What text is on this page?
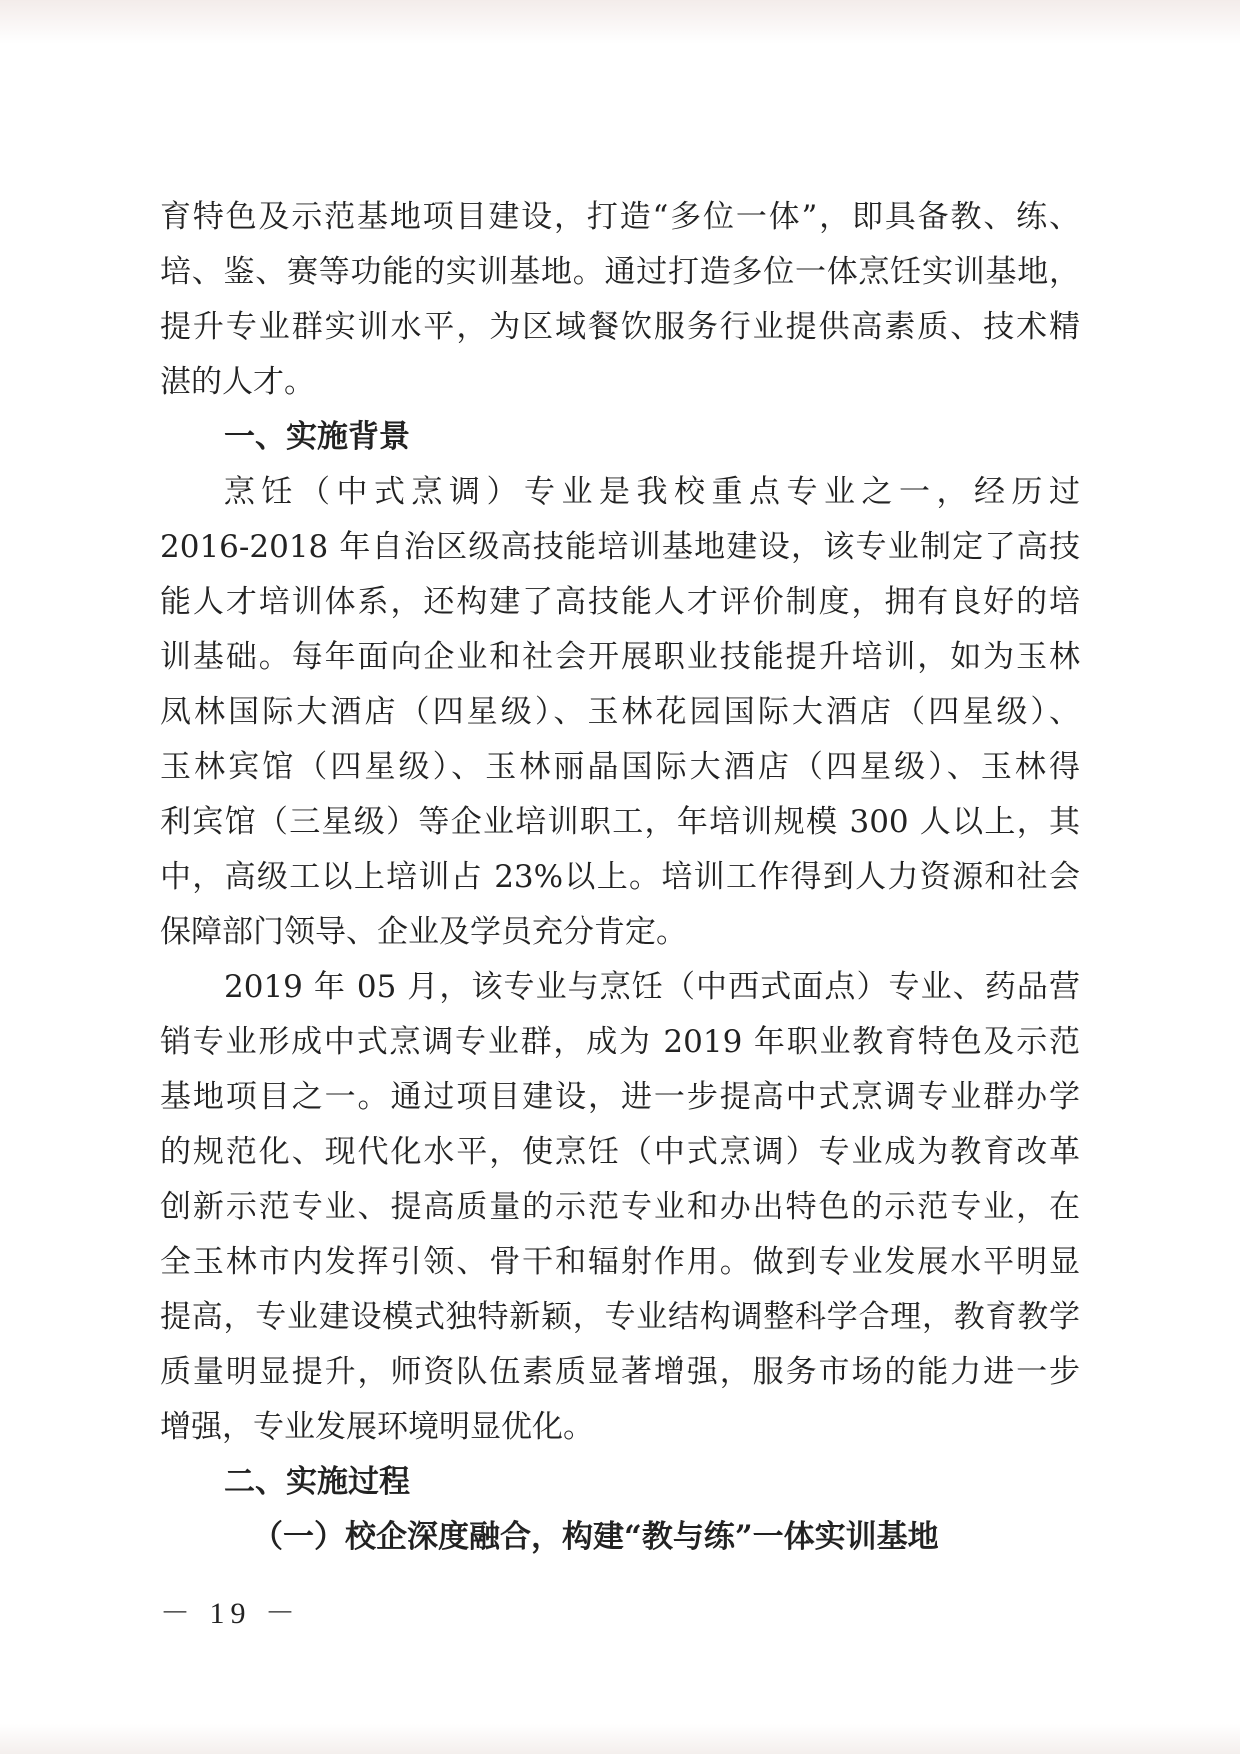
育特色及示范基地项目建设，打造“多位一体”，即具备教、练、
培、鉴、赛等功能的实训基地。通过打造多位一体烹饪实训基地，
提升专业群实训水平，为区域餐饮服务行业提供高素质、技术精
湛的人才。
一、实施背景
烹饪（中式烹调）专业是我校重点专业之一，经历过
2016-2018 年自治区级高技能培训基地建设，该专业制定了高技
能人才培训体系，还构建了高技能人才评价制度，拥有良好的培
训基础。每年面向企业和社会开展职业技能提升培训，如为玉林
凤林国际大酒店（四星级）、玉林花园国际大酒店（四星级）、
玉林宾馆（四星级）、玉林丽晶国际大酒店（四星级）、玉林得
利宾馆（三星级）等企业培训职工，年培训规模 300 人以上，其
中，高级工以上培训占 23%以上。培训工作得到人力资源和社会
保障部门领导、企业及学员充分肯定。
2019 年 05 月，该专业与烹饪（中西式面点）专业、药品营
销专业形成中式烹调专业群，成为 2019 年职业教育特色及示范
基地项目之一。通过项目建设，进一步提高中式烹调专业群办学
的规范化、现代化水平，使烹饪（中式烹调）专业成为教育改革
创新示范专业、提高质量的示范专业和办出特色的示范专业，在
全玉林市内发挥引领、骨干和辐射作用。做到专业发展水平明显
提高，专业建设模式独特新颖，专业结构调整科学合理，教育教学
质量明显提升，师资队伍素质显著增强，服务市场的能力进一步
增强，专业发展环境明显优化。
二、实施过程
（一）校企深度融合，构建“教与练”一体实训基地
－ 19 －
